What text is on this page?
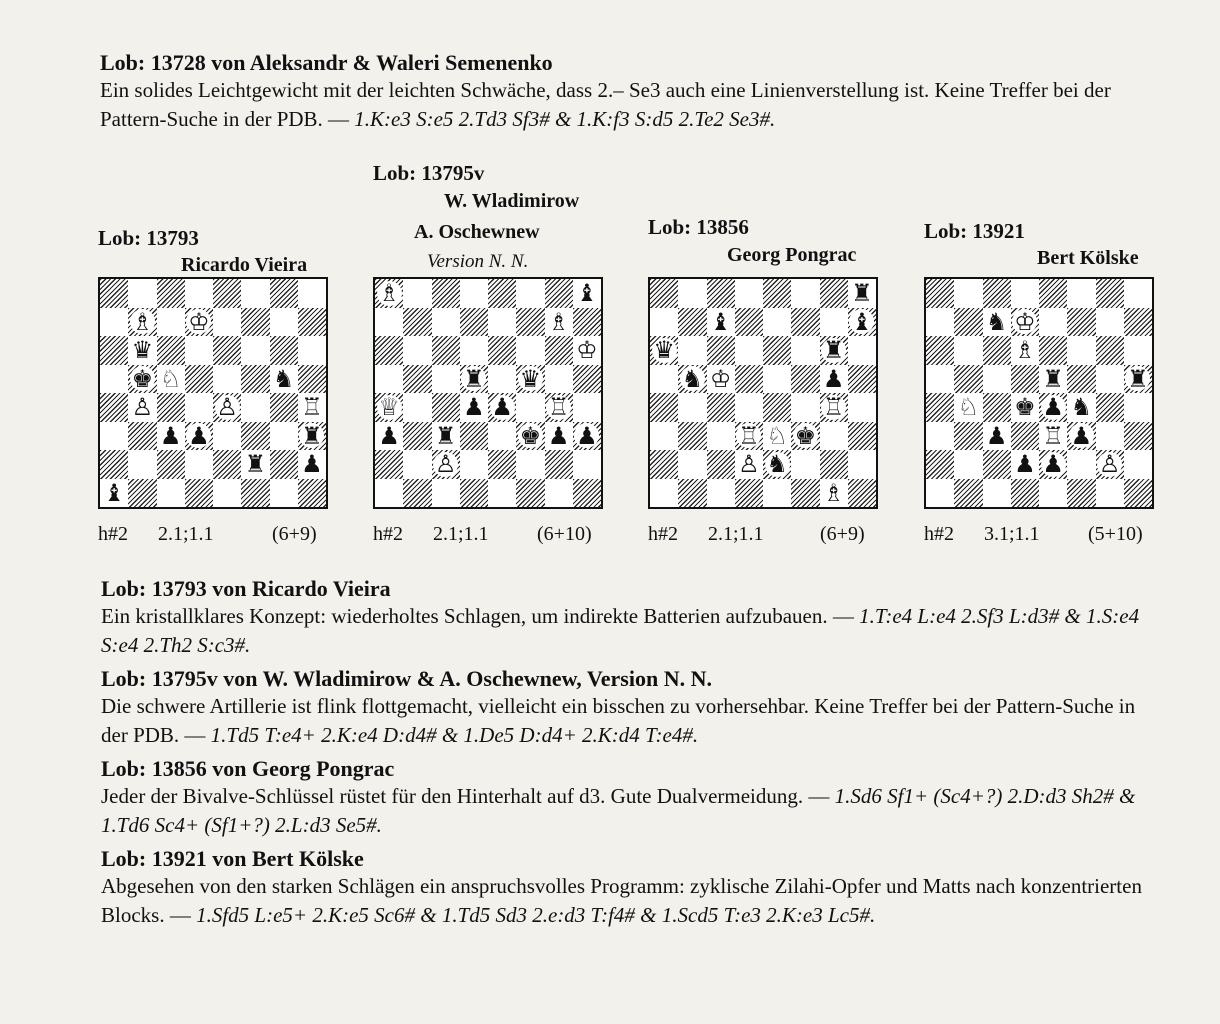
Lob: 13728 von Aleksandr & Waleri Semenenko
Ein solides Leichtgewicht mit der leichten Schwäche, dass 2.– Se3 auch eine Linienverstellung ist. Keine Treffer bei der Pattern-Suche in der PDB. — 1.K:e3 S:e5 2.Td3 Sf3# & 1.K:f3 S:d5 2.Te2 Se3#.
Lob: 13793
Ricardo Vieira
♗ ♔
♛
♚ ♘	♞
♙	♙	♖
♟ ♟	♜
♜ ♟
♝
h#2 2.1;1.1	(6+9)
Lob: 13795v
W. Wladimirow
A. Oschewnew
Version N. N.
♗	♝
♗
♔
♜ ♛
♕	♟ ♟ ♖
♟ ♜	♚ ♟ ♟
♙
h#2 2.1;1.1 (6+10)
Lob: 13856
Georg Pongrac
♜
♝	♝
♛	♜
♞ ♔	♟
♖
♖ ♘ ♚
♙ ♞
♗
h#2 2.1;1.1	(6+9)
Lob: 13921
Bert Kölske
♞ ♔
♗
♜	♜
♘ ♚ ♟ ♞
♟ ♖ ♟
♟ ♟ ♙
h#2 3.1;1.1 (5+10)
Lob: 13793 von Ricardo Vieira
Ein kristallklares Konzept: wiederholtes Schlagen, um indirekte Batterien aufzubauen. — 1.T:e4 L:e4 2.Sf3 L:d3# & 1.S:e4 S:e4 2.Th2 S:c3#.
Lob: 13795v von W. Wladimirow & A. Oschewnew, Version N. N.
Die schwere Artillerie ist flink flottgemacht, vielleicht ein bisschen zu vorhersehbar. Keine Treffer bei der Pattern-Suche in der PDB. — 1.Td5 T:e4+ 2.K:e4 D:d4# & 1.De5 D:d4+ 2.K:d4 T:e4#.
Lob: 13856 von Georg Pongrac
Jeder der Bivalve-Schlüssel rüstet für den Hinterhalt auf d3. Gute Dualvermeidung. — 1.Sd6 Sf1+ (Sc4+?) 2.D:d3 Sh2# & 1.Td6 Sc4+ (Sf1+?) 2.L:d3 Se5#.
Lob: 13921 von Bert Kölske
Abgesehen von den starken Schlägen ein anspruchsvolles Programm: zyklische Zilahi-Opfer und Matts nach konzentrierten Blocks. — 1.Sfd5 L:e5+ 2.K:e5 Sc6# & 1.Td5 Sd3 2.e:d3 T:f4# & 1.Scd5 T:e3 2.K:e3 Lc5#.
